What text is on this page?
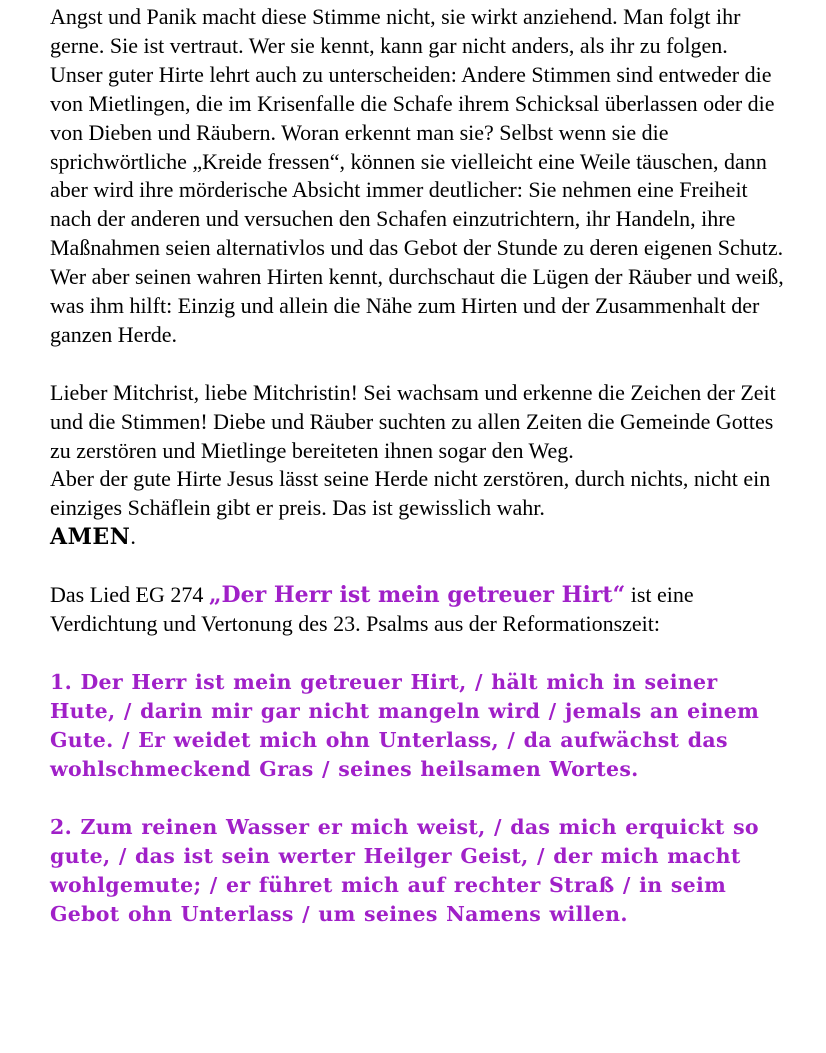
Angst und Panik macht diese Stimme nicht, sie wirkt anziehend. Man folgt ihr gerne. Sie ist vertraut. Wer sie kennt, kann gar nicht anders, als ihr zu folgen.

Unser guter Hirte lehrt auch zu unterscheiden: Andere Stimmen sind entweder die von Mietlingen, die im Krisenfalle die Schafe ihrem Schicksal überlassen oder die von Dieben und Räubern. Woran erkennt man sie? Selbst wenn sie die sprichwörtliche „Kreide fressen“, können sie vielleicht eine Weile täuschen, dann aber wird ihre mörderische Absicht immer deutlicher: Sie nehmen eine Freiheit nach der anderen und versuchen den Schafen einzutrichtern, ihr Handeln, ihre Maßnahmen seien alternativlos und das Gebot der Stunde zu deren eigenen Schutz. Wer aber seinen wahren Hirten kennt, durchschaut die Lügen der Räuber und weiß, was ihm hilft: Einzig und allein die Nähe zum Hirten und der Zusammenhalt der ganzen Herde.

Lieber Mitchrist, liebe Mitchristin! Sei wachsam und erkenne die Zeichen der Zeit und die Stimmen! Diebe und Räuber suchten zu allen Zeiten die Gemeinde Gottes zu zerstören und Mietlinge bereiteten ihnen sogar den Weg.

Aber der gute Hirte Jesus lässt seine Herde nicht zerstören, durch nichts, nicht ein einziges Schäflein gibt er preis. Das ist gewisslich wahr.
AMEN.

Das Lied EG 274 „Der Herr ist mein getreuer Hirt“ ist eine Verdichtung und Vertonung des 23. Psalms aus der Reformationszeit:

1. Der Herr ist mein getreuer Hirt, / hält mich in seiner Hute, / darin mir gar nicht mangeln wird / jemals an einem Gute. / Er weidet mich ohn Unterlass, / da aufwächst das wohlschmeckend Gras / seines heilsamen Wortes.

2. Zum reinen Wasser er mich weist, / das mich erquickt so gute, / das ist sein werter Heilger Geist, / der mich macht wohlgemute; / er führet mich auf rechter Straß / in seim Gebot ohn Unterlass / um seines Namens willen.
